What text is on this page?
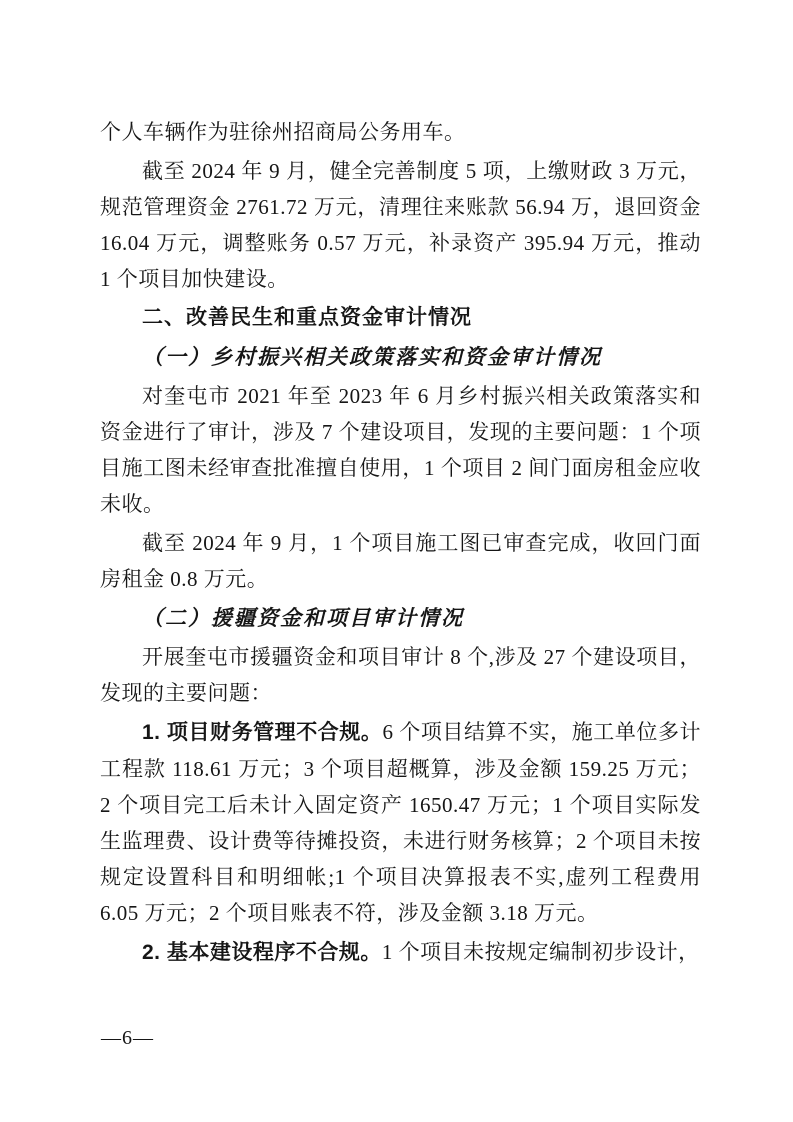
个人车辆作为驻徐州招商局公务用车。

截至 2024 年 9 月，健全完善制度 5 项，上缴财政 3 万元，规范管理资金 2761.72 万元，清理往来账款 56.94 万，退回资金 16.04 万元，调整账务 0.57 万元，补录资产 395.94 万元，推动 1 个项目加快建设。

二、改善民生和重点资金审计情况

（一）乡村振兴相关政策落实和资金审计情况

对奎屯市 2021 年至 2023 年 6 月乡村振兴相关政策落实和资金进行了审计，涉及 7 个建设项目，发现的主要问题：1 个项目施工图未经审查批准擅自使用，1 个项目 2 间门面房租金应收未收。

截至 2024 年 9 月，1 个项目施工图已审查完成，收回门面房租金 0.8 万元。

（二）援疆资金和项目审计情况

开展奎屯市援疆资金和项目审计 8 个,涉及 27 个建设项目，发现的主要问题：

1. 项目财务管理不合规。6 个项目结算不实，施工单位多计工程款 118.61 万元；3 个项目超概算，涉及金额 159.25 万元；2 个项目完工后未计入固定资产 1650.47 万元；1 个项目实际发生监理费、设计费等待摊投资，未进行财务核算；2 个项目未按规定设置科目和明细帐;1 个项目决算报表不实,虚列工程费用 6.05 万元；2 个项目账表不符，涉及金额 3.18 万元。

2. 基本建设程序不合规。1 个项目未按规定编制初步设计，

—6—
